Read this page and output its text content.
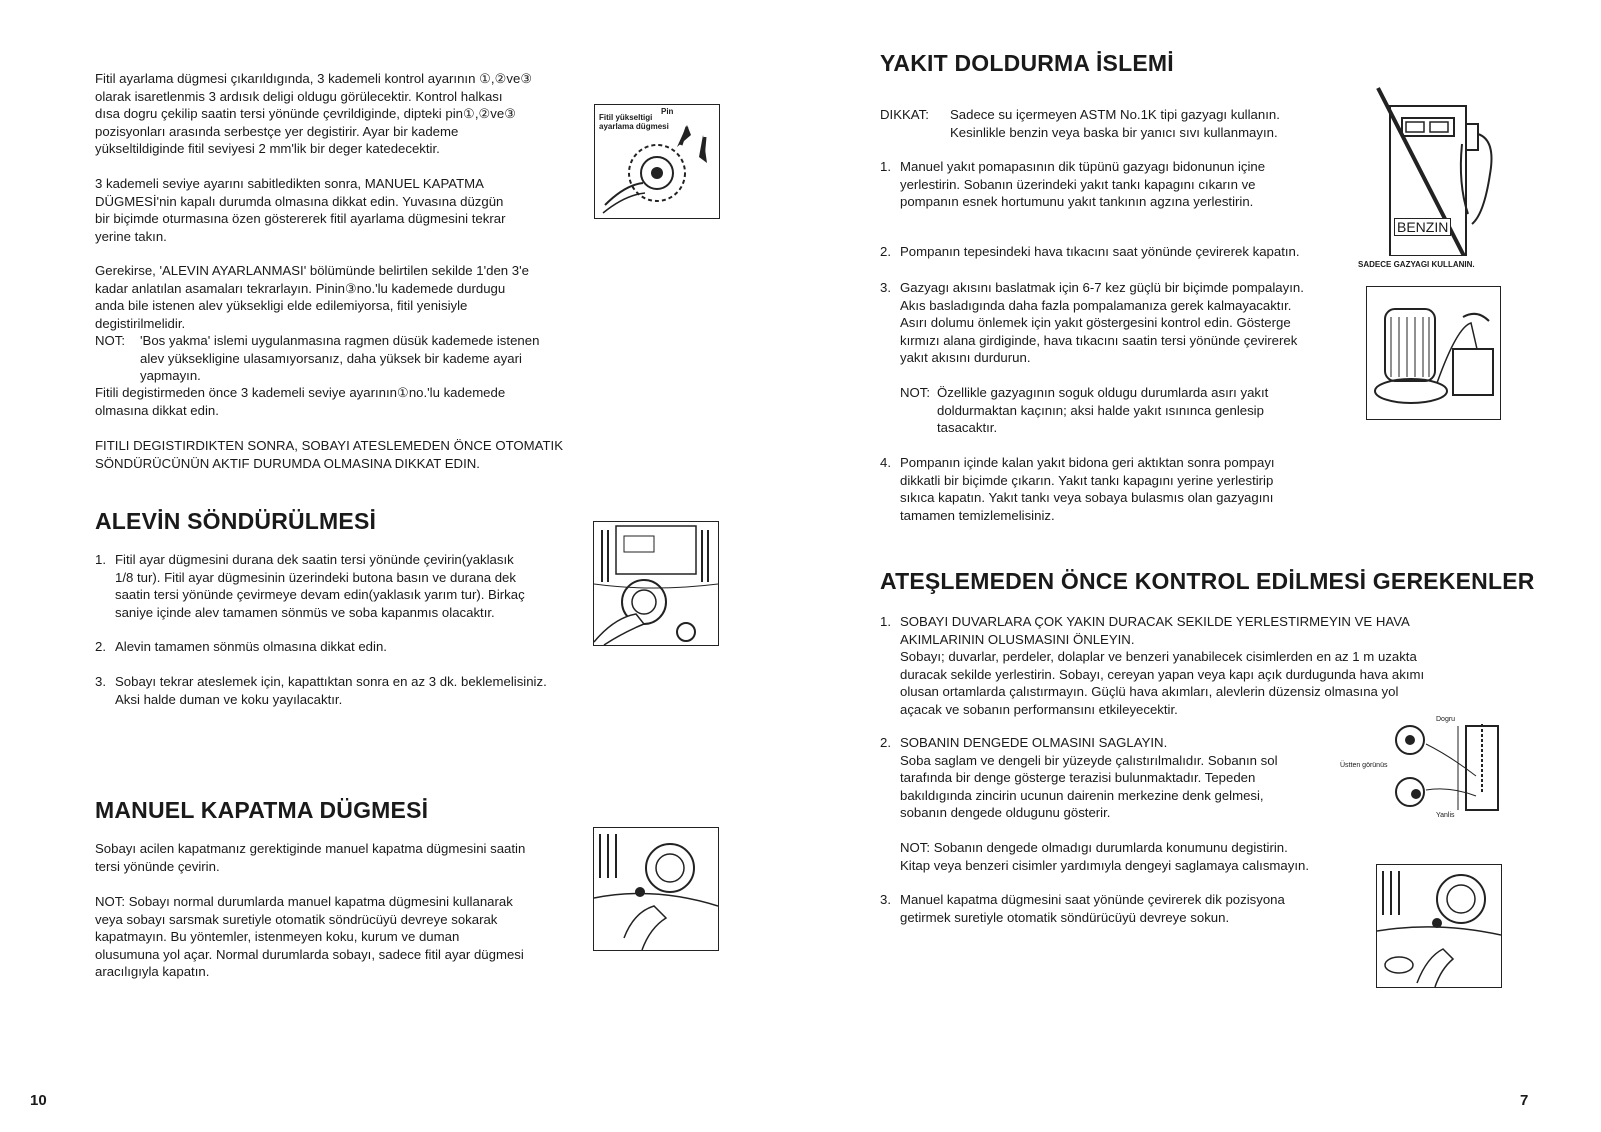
Fitil ayarlama dügmesi çıkarıldıgında, 3 kademeli kontrol ayarının ①,②ve③
olarak isaretlenmis 3 ardısık deligi oldugu görülecektir. Kontrol halkası
dısa dogru çekilip saatin tersi yönünde çevrildiginde, dipteki pin①,②ve③
pozisyonları arasında serbestçe yer degistirir. Ayar bir kademe
yükseltildiginde fitil seviyesi 2 mm'lik bir deger katedecektir.
Fitil yükseltigi
ayarlama dügmesi
Pin
3 kademeli seviye ayarını sabitledikten sonra, MANUEL KAPATMA
DÜGMESİ'nin kapalı durumda olmasına dikkat edin. Yuvasına düzgün
bir biçimde oturmasına özen göstererek fitil ayarlama dügmesini tekrar
yerine takın.
Gerekirse, 'ALEVIN AYARLANMASI' bölümünde belirtilen sekilde 1'den 3'e
kadar anlatılan asamaları tekrarlayın. Pinin③no.'lu kademede durdugu
anda bile istenen alev yüksekligi elde edilemiyorsa, fitil yenisiyle
degistirilmelidir.
NOT:	'Bos yakma' islemi uygulanmasına ragmen düsük kademede istenen
alev yüksekligine ulasamıyorsanız, daha yüksek bir kademe ayari
yapmayın.
Fitili degistirmeden önce 3 kademeli seviye ayarının①no.'lu kademede
olmasına dikkat edin.
FITILI DEGISTIRDIKTEN SONRA, SOBAYI ATESLEMEDEN ÖNCE OTOMATIK
SÖNDÜRÜCÜNÜN AKTIF DURUMDA OLMASINA DIKKAT EDIN.
ALEVİN SÖNDÜRÜLMESİ
1. Fitil ayar dügmesini durana dek saatin tersi yönünde çevirin(yaklasık
1/8 tur). Fitil ayar dügmesinin üzerindeki butona basın ve durana dek
saatin tersi yönünde çevirmeye devam edin(yaklasık yarım tur). Birkaç
saniye içinde alev tamamen sönmüs ve soba kapanmıs olacaktır.
2. Alevin tamamen sönmüs olmasına dikkat edin.
3. Sobayı tekrar ateslemek için, kapattıktan sonra en az 3 dk. beklemelisiniz.
Aksi halde duman ve koku yayılacaktır.
MANUEL KAPATMA DÜGMESİ
Sobayı acilen kapatmanız gerektiginde manuel kapatma dügmesini saatin
tersi yönünde çevirin.
NOT: Sobayı normal durumlarda manuel kapatma dügmesini kullanarak
veya sobayı sarsmak suretiyle otomatik söndrücüyü devreye sokarak
kapatmayın. Bu yöntemler, istenmeyen koku, kurum ve duman
olusumuna yol açar. Normal durumlarda sobayı, sadece fitil ayar dügmesi
aracılıgıyla kapatın.
10
YAKIT DOLDURMA İSLEMİ
DIKKAT:	Sadece su içermeyen ASTM No.1K tipi gazyagı kullanın.
Kesinlikle benzin veya baska bir yanıcı sıvı kullanmayın.
1. Manuel yakıt pomapasının dik tüpünü gazyagı bidonunun içine
yerlestirin. Sobanın üzerindeki yakıt tankı kapagını cıkarın ve
pompanın esnek hortumunu yakıt tankının agzına yerlestirin.
2. Pompanın tepesindeki hava tıkacını saat yönünde çevirerek kapatın.
3. Gazyagı akısını baslatmak için 6-7 kez güçlü bir biçimde pompalayın.
Akıs basladıgında daha fazla pompalamanıza gerek kalmayacaktır.
Asırı dolumu önlemek için yakıt göstergesini kontrol edin. Gösterge
kırmızı alana girdiginde, hava tıkacını saatin tersi yönünde çevirerek
yakıt akısını durdurun.
NOT: Özellikle gazyagının soguk oldugu durumlarda asırı yakıt
doldurmaktan kaçının; aksi halde yakıt ısınınca genlesip
tasacaktır.
4. Pompanın içinde kalan yakıt bidona geri aktıktan sonra pompayı
dikkatli bir biçimde çıkarın. Yakıt tankı kapagını yerine yerlestirip
sıkıca kapatın. Yakıt tankı veya sobaya bulasmıs olan gazyagını
tamamen temizlemelisiniz.
BENZIN
SADECE GAZYAGI KULLANIN.
ATEŞLEMEDEN ÖNCE KONTROL EDİLMESİ GEREKENLER
1. SOBAYI DUVARLARA ÇOK YAKIN DURACAK SEKILDE YERLESTIRMEYIN VE HAVA
AKIMLARININ OLUSMASINI ÖNLEYIN.
Sobayı; duvarlar, perdeler, dolaplar ve benzeri yanabilecek cisimlerden en az 1 m uzakta
duracak sekilde yerlestirin. Sobayı, cereyan yapan veya kapı açık durdugunda hava akımı
olusan ortamlarda çalıstırmayın. Güçlü hava akımları, alevlerin düzensiz olmasına yol
açacak ve sobanın performansını etkileyecektir.
2. SOBANIN DENGEDE OLMASINI SAGLAYIN.
Soba saglam ve dengeli bir yüzeyde çalıstırılmalıdır. Sobanın sol
tarafında bir denge gösterge terazisi bulunmaktadır. Tepeden
bakıldıgında zincirin ucunun dairenin merkezine denk gelmesi,
sobanın dengede oldugunu gösterir.
NOT: Sobanın dengede olmadıgı durumlarda konumunu degistirin.
Kitap veya benzeri cisimler yardımıyla dengeyi saglamaya calısmayın.
3. Manuel kapatma dügmesini saat yönünde çevirerek dik pozisyona
getirmek suretiyle otomatik söndürücüyü devreye sokun.
Dogru
Üstten görünüs
Yanlis
7
